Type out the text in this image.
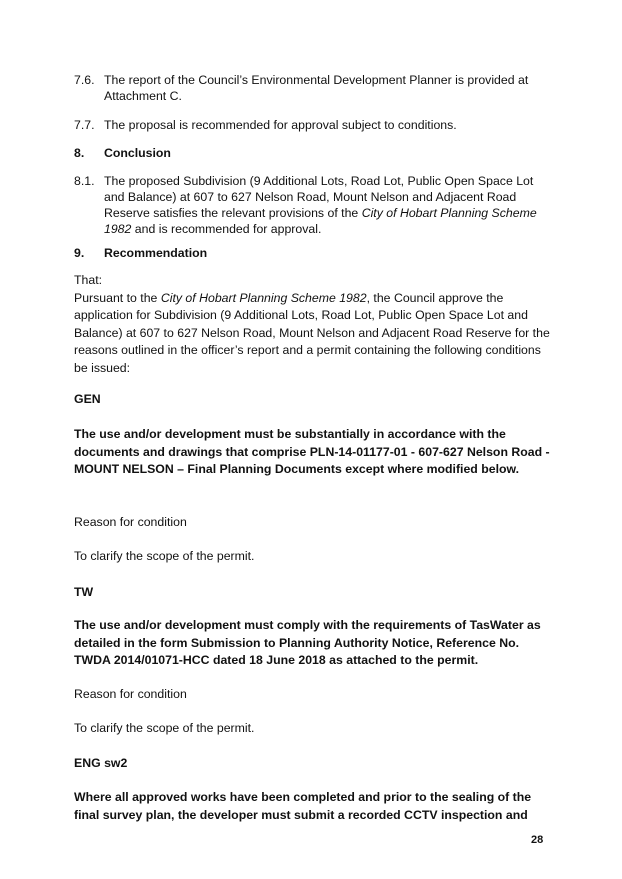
7.6. The report of the Council’s Environmental Development Planner is provided at Attachment C.
7.7. The proposal is recommended for approval subject to conditions.
8.	Conclusion
8.1. The proposed Subdivision (9 Additional Lots, Road Lot, Public Open Space Lot and Balance) at 607 to 627 Nelson Road, Mount Nelson and Adjacent Road Reserve satisfies the relevant provisions of the City of Hobart Planning Scheme 1982 and is recommended for approval.
9.	Recommendation
That:
Pursuant to the City of Hobart Planning Scheme 1982, the Council approve the application for Subdivision (9 Additional Lots, Road Lot, Public Open Space Lot and Balance) at 607 to 627 Nelson Road, Mount Nelson and Adjacent Road Reserve for the reasons outlined in the officer’s report and a permit containing the following conditions be issued:
GEN
The use and/or development must be substantially in accordance with the documents and drawings that comprise PLN-14-01177-01 - 607-627 Nelson Road - MOUNT NELSON – Final Planning Documents except where modified below.
Reason for condition
To clarify the scope of the permit.
TW
The use and/or development must comply with the requirements of TasWater as detailed in the form Submission to Planning Authority Notice, Reference No. TWDA 2014/01071-HCC dated 18 June 2018 as attached to the permit.
Reason for condition
To clarify the scope of the permit.
ENG sw2
Where all approved works have been completed and prior to the sealing of the final survey plan, the developer must submit a recorded CCTV inspection and
28
